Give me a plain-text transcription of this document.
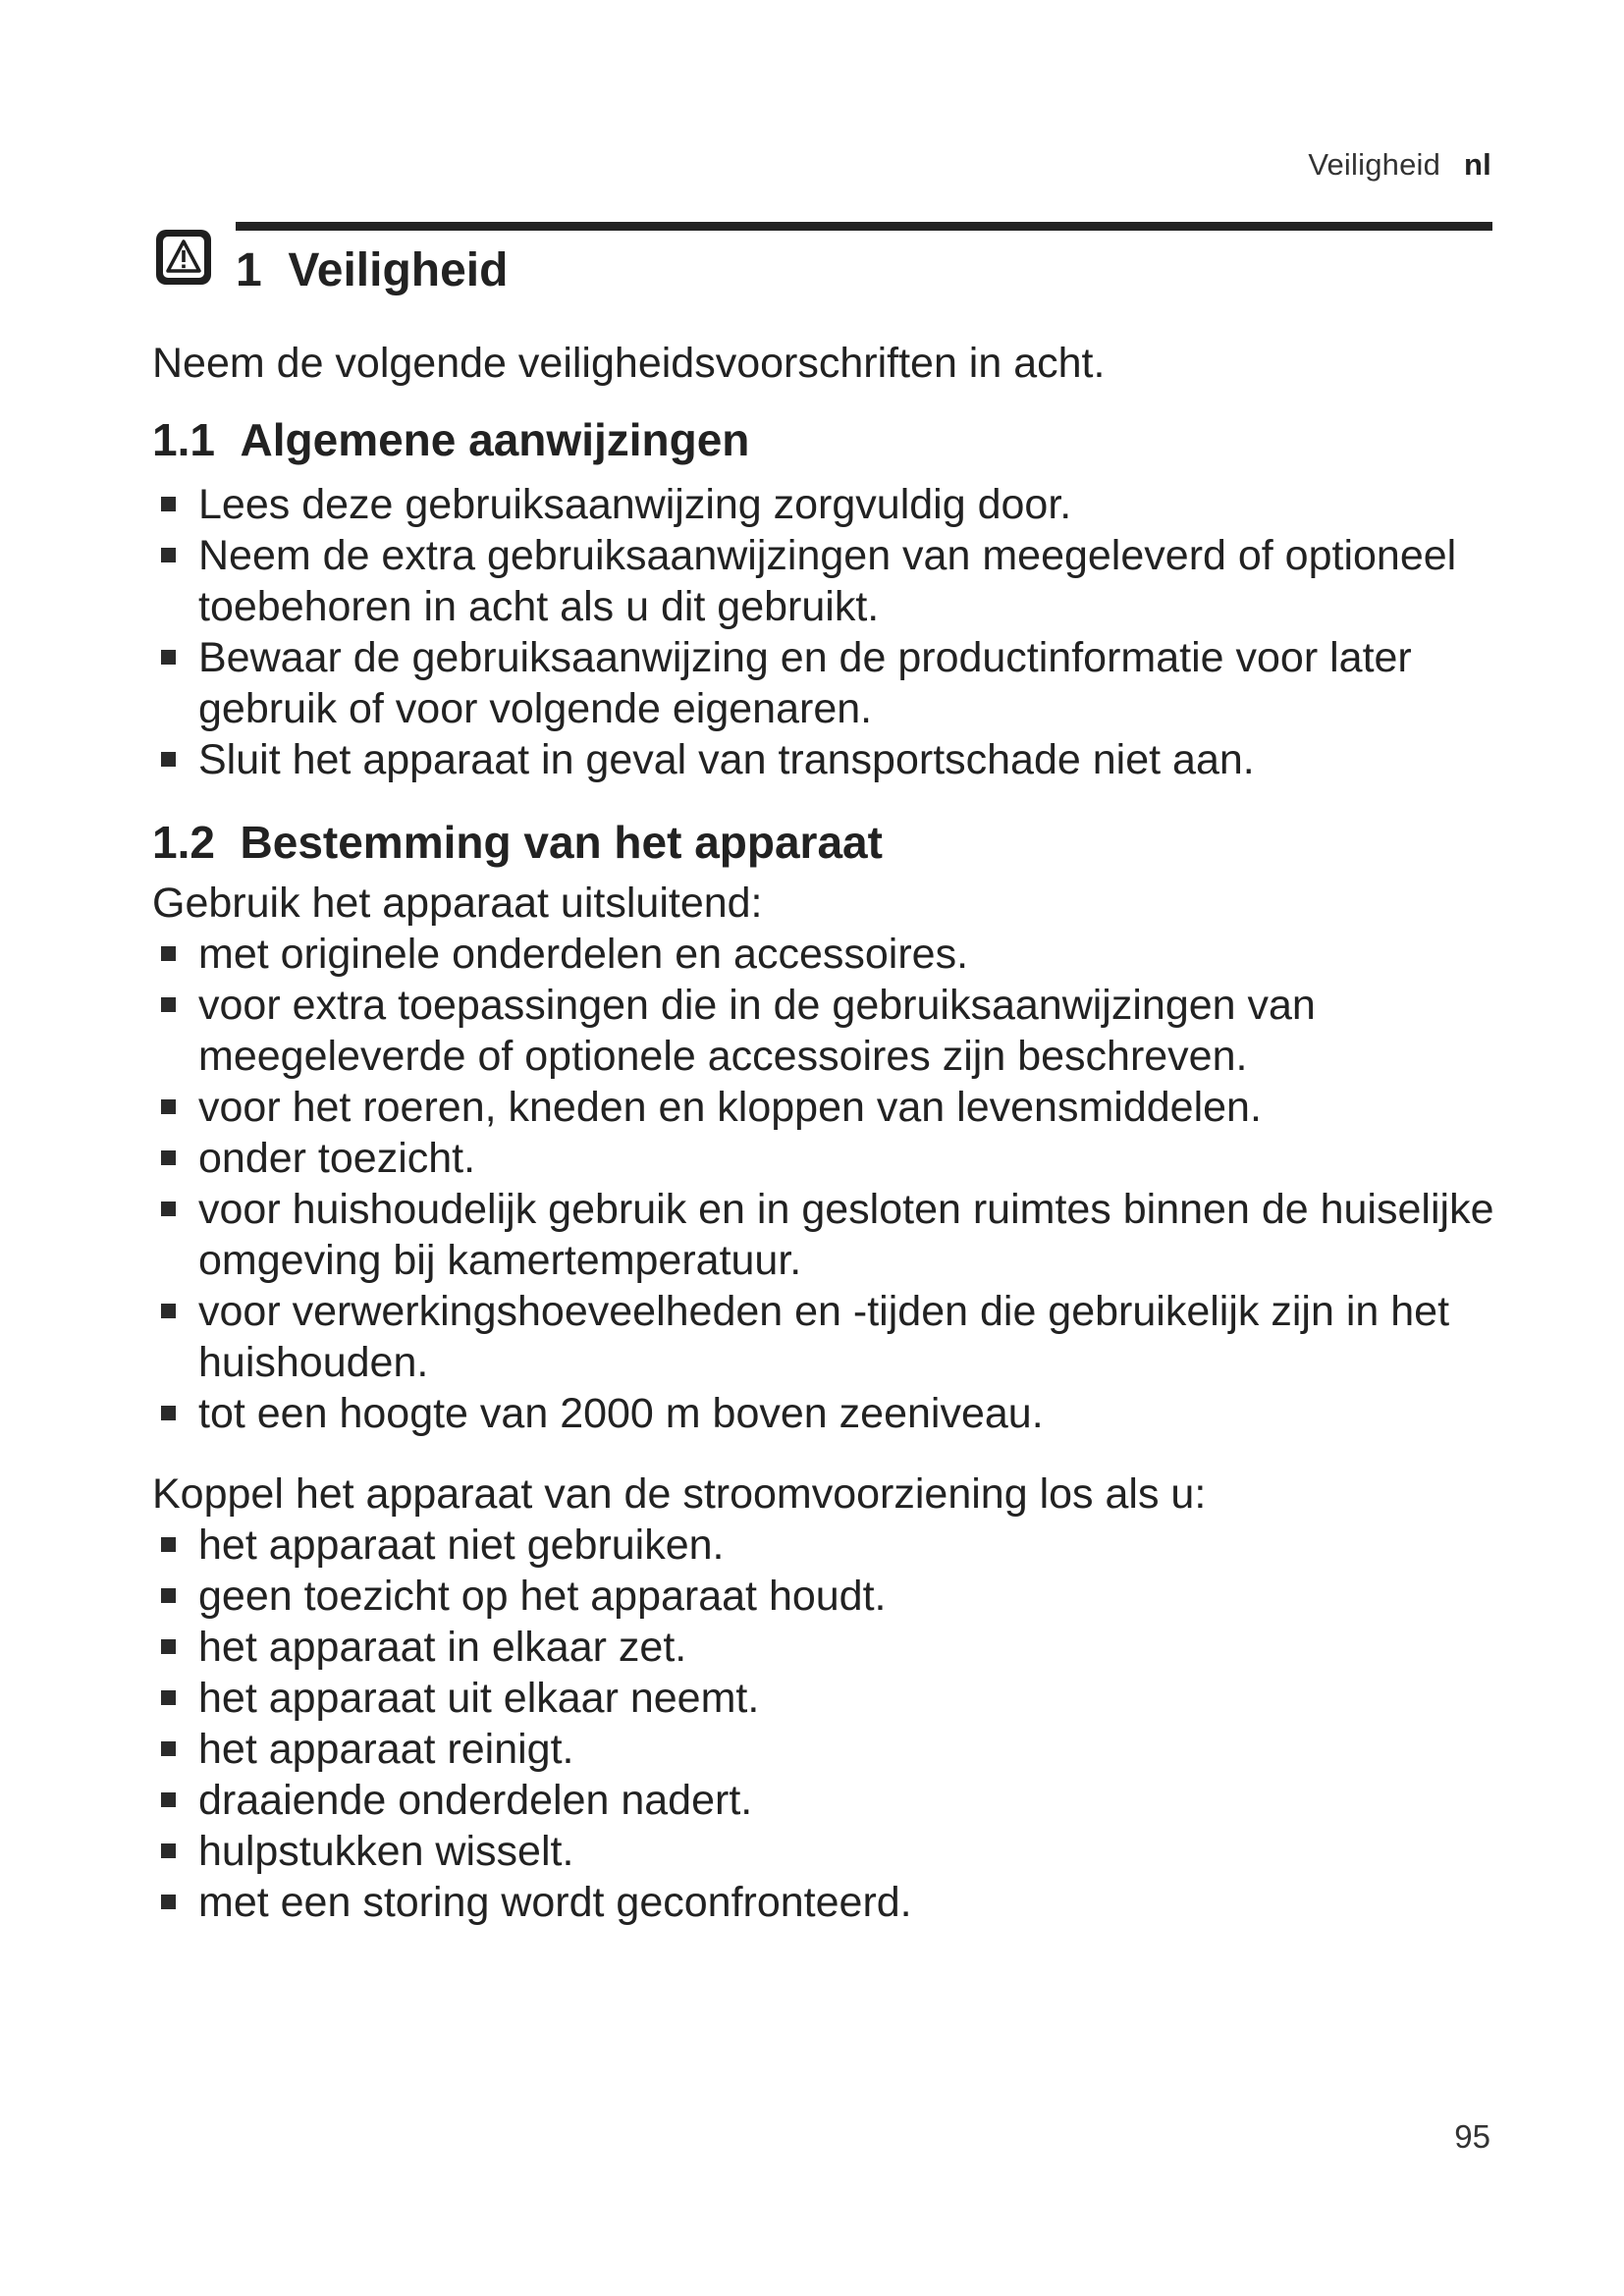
Veiligheid nl
1 Veiligheid

Neem de volgende veiligheidsvoorschriften in acht.

1.1 Algemene aanwijzingen
Lees deze gebruiksaanwijzing zorgvuldig door.
Neem de extra gebruiksaanwijzingen van meegeleverd of optioneel toebehoren in acht als u dit gebruikt.
Bewaar de gebruiksaanwijzing en de productinformatie voor later gebruik of voor volgende eigenaren.
Sluit het apparaat in geval van transportschade niet aan.
1.2 Bestemming van het apparaat

Gebruik het apparaat uitsluitend:

met originele onderdelen en accessoires.
voor extra toepassingen die in de gebruiksaanwijzingen van meegeleverde of optionele accessoires zijn beschreven.
voor het roeren, kneden en kloppen van levensmiddelen.
onder toezicht.
voor huishoudelijk gebruik en in gesloten ruimtes binnen de huiselijke omgeving bij kamertemperatuur.
voor verwerkingshoeveelheden en -tijden die gebruikelijk zijn in het huishouden.
tot een hoogte van 2000 m boven zeeniveau.

Koppel het apparaat van de stroomvoorziening los als u:

het apparaat niet gebruiken.
geen toezicht op het apparaat houdt.
het apparaat in elkaar zet.
het apparaat uit elkaar neemt.
het apparaat reinigt.
draaiende onderdelen nadert.
hulpstukken wisselt.
met een storing wordt geconfronteerd.
95
